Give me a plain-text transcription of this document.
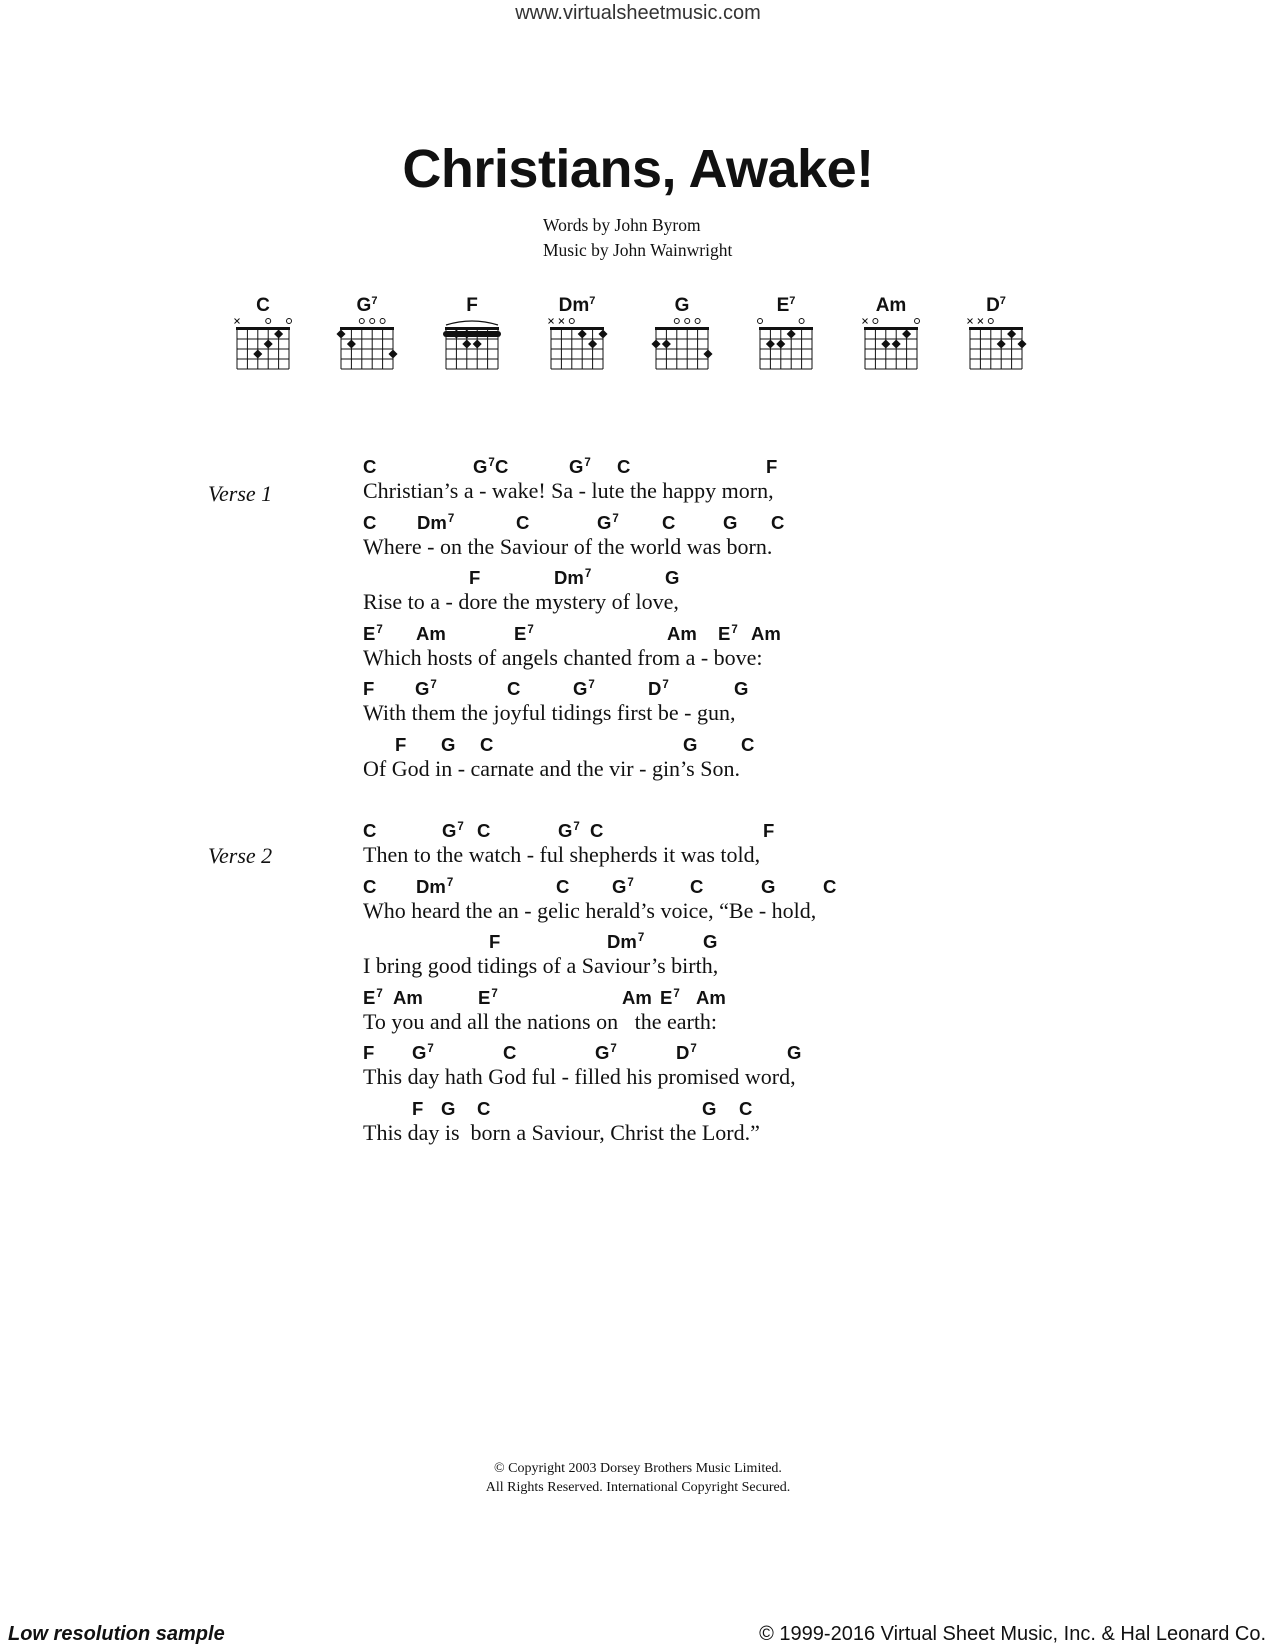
www.virtualsheetmusic.com
Christians, Awake!
Words by John Byrom
Music by John Wainwright
C	$G^7$	F	Dm$^7$	G	$E^7$	Am	$D^7$
Verse 1
Verse 2
C	$G^7$ C	$G^7$ C	F
Christian’s a - wake! Sa - lute the happy morn,
C Dm$^7$	C	$G^7$ C	G C
Where - on the Saviour of the world was born.
F	Dm$^7$	G
Rise to a - dore the mystery of love,
$E^7$ Am	$E^7$	Am $E^7$ Am
Which hosts of angels chanted from a - bove:
F $G^7$	C	$G^7$	$D^7$	G
With them the joyful tidings first be - gun,
F G C	G C
Of God in - carnate and the vir - gin’s Son.
C	$G^7$ C	$G^7$ C	F
Then to the watch - ful shepherds it was told,
C Dm$^7$	C $G^7$	C	G	C
Who heard the an - gelic herald’s voice, “Be - hold,
F	Dm$^7$	G
I bring good tidings of a Saviour’s birth,
$E^7$ Am	$E^7$	Am $E^7$ Am
To you and all the nations on   the earth:
F $G^7$	C	$G^7$	$D^7$	G
This day hath God ful - filled his promised word,
F G C	G C
This day is  born a Saviour, Christ the Lord.”
© Copyright 2003 Dorsey Brothers Music Limited.
All Rights Reserved. International Copyright Secured.
Low resolution sample	© 1999-2016 Virtual Sheet Music, Inc. & Hal Leonard Co.
